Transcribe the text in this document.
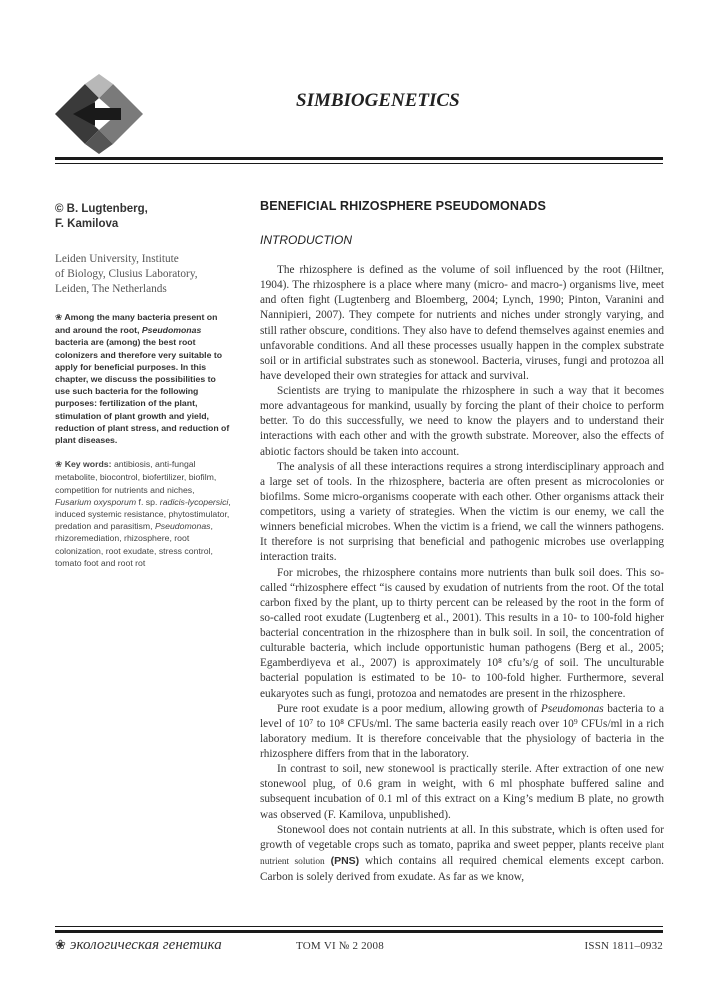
SIMBIOGENETICS

© B. Lugtenberg,
F. Kamilova

Leiden University, Institute
of Biology, Clusius Laboratory,
Leiden, The Netherlands
❀ Among the many bacteria present on and around the root, Pseudomonas bacteria are (among) the best root colonizers and therefore very suitable to apply for beneficial purposes. In this chapter, we discuss the possibilities to use such bacteria for the following purposes: fertilization of the plant, stimulation of plant growth and yield, reduction of plant stress, and reduction of plant diseases.
❀ Key words: antibiosis, anti-fungal metabolite, biocontrol, biofertilizer, biofilm, competition for nutrients and niches, Fusarium oxysporum f. sp. radicis-lycopersici, induced systemic resistance, phytostimulator, predation and parasitism, Pseudomonas, rhizoremediation, rhizosphere, root colonization, root exudate, stress control, tomato foot and root rot
BENEFICIAL RHIZOSPHERE PSEUDOMONADS
INTRODUCTION

The rhizosphere is defined as the volume of soil influenced by the root (Hiltner, 1904). The rhizosphere is a place where many (micro- and macro-) organisms live, meet and often fight (Lugtenberg and Bloemberg, 2004; Lynch, 1990; Pinton, Varanini and Nannipieri, 2007). They compete for nutrients and niches under strongly varying, and still rather obscure, conditions. They also have to defend themselves against enemies and unfavorable conditions. And all these processes usually happen in the complex substrate soil or in artificial substrates such as stonewool. Bacteria, viruses, fungi and protozoa all have developed their own strategies for attack and survival.

Scientists are trying to manipulate the rhizosphere in such a way that it becomes more advantageous for mankind, usually by forcing the plant of their choice to perform better. To do this successfully, we need to know the players and to understand their interactions with each other and with the growth substrate. Moreover, also the effects of abiotic factors should be taken into account.

The analysis of all these interactions requires a strong interdisciplinary approach and a large set of tools. In the rhizosphere, bacteria are often present as microcolonies or biofilms. Some micro-organisms cooperate with each other. Other organisms attack their competitors, using a variety of strategies. When the victim is our enemy, we call the winners beneficial microbes. When the victim is a friend, we call the winners pathogens. It therefore is not surprising that beneficial and pathogenic microbes use overlapping interaction traits.

For microbes, the rhizosphere contains more nutrients than bulk soil does. This so-called “rhizosphere effect “is caused by exudation of nutrients from the root. Of the total carbon fixed by the plant, up to thirty percent can be released by the root in the form of so-called root exudate (Lugtenberg et al., 2001). This results in a 10- to 100-fold higher bacterial concentration in the rhizosphere than in bulk soil. In soil, the concentration of culturable bacteria, which include opportunistic human pathogens (Berg et al., 2005; Egamberdiyeva et al., 2007) is approximately 10⁸ cfu’s/g of soil. The unculturable bacterial population is estimated to be 10- to 100-fold higher. Furthermore, several eukaryotes such as fungi, protozoa and nematodes are present in the rhizosphere.

Pure root exudate is a poor medium, allowing growth of Pseudomonas bacteria to a level of 10⁷ to 10⁸ CFUs/ml. The same bacteria easily reach over 10⁹ CFUs/ml in a rich laboratory medium. It is therefore conceivable that the physiology of bacteria in the rhizosphere differs from that in the laboratory.

In contrast to soil, new stonewool is practically sterile. After extraction of one new stonewool plug, of 0.6 gram in weight, with 6 ml phosphate buffered saline and subsequent incubation of 0.1 ml of this extract on a King’s medium B plate, no growth was observed (F. Kamilova, unpublished).

Stonewool does not contain nutrients at all. In this substrate, which is often used for growth of vegetable crops such as tomato, paprika and sweet pepper, plants receive plant nutrient solution (PNS) which contains all required chemical elements except carbon. Carbon is solely derived from exudate. As far as we know,

❀ экологическая генетика	ТОМ VI № 2 2008	ISSN 1811–0932
